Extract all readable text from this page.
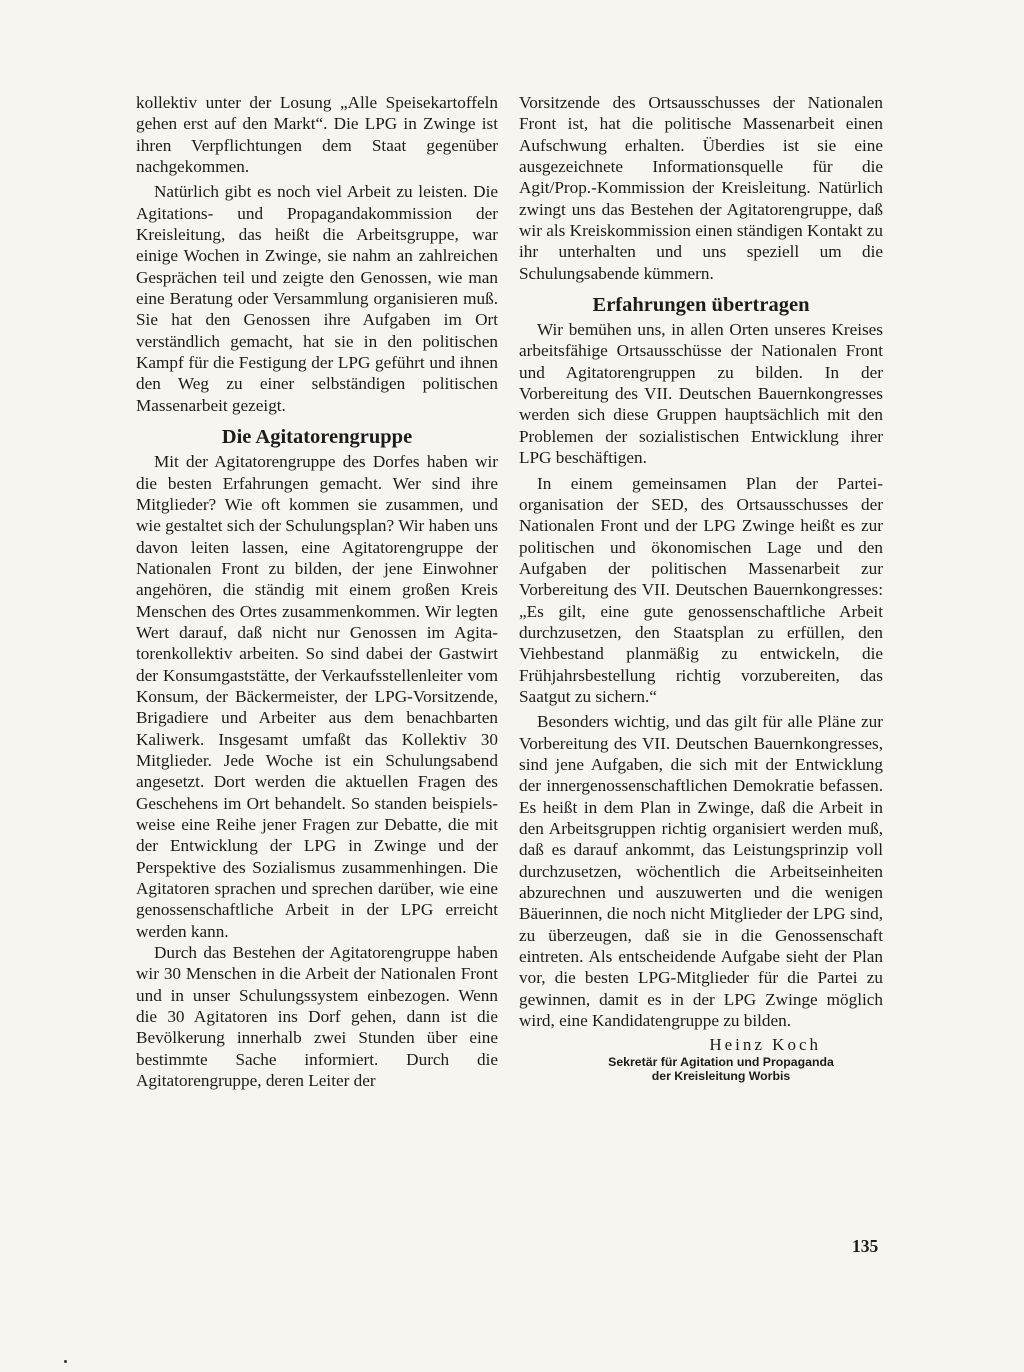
kollektiv unter der Losung „Alle Speisekartoffeln gehen erst auf den Markt“. Die LPG in Zwinge ist ihren Verpflichtungen dem Staat gegenüber nachgekommen.

Natürlich gibt es noch viel Arbeit zu leisten. Die Agitations- und Propagandakommission der Kreisleitung, das heißt die Arbeitsgruppe, war einige Wochen in Zwinge, sie nahm an zahlreichen Gesprächen teil und zeigte den Genossen, wie man eine Beratung oder Versammlung organisieren muß. Sie hat den Genossen ihre Aufgaben im Ort verständlich gemacht, hat sie in den politischen Kampf für die Festigung der LPG geführt und ihnen den Weg zu einer selbständigen politischen Massenarbeit gezeigt.

Die Agitatorengruppe

Mit der Agitatorengruppe des Dorfes haben wir die besten Erfahrungen gemacht. Wer sind ihre Mitglieder? Wie oft kommen sie zusammen, und wie gestaltet sich der Schulungsplan? Wir haben uns davon leiten lassen, eine Agitatorengruppe der Nationalen Front zu bilden, der jene Einwohner angehören, die ständig mit einem großen Kreis Menschen des Ortes zusammenkommen. Wir legten Wert darauf, daß nicht nur Genossen im Agitatorenkollektiv arbeiten. So sind dabei der Gastwirt der Konsumgaststätte, der Verkaufsstellenleiter vom Konsum, der Bäckermeister, der LPG-Vorsitzende, Brigadiere und Arbeiter aus dem benachbarten Kaliwerk. Insgesamt umfaßt das Kollektiv 30 Mitglieder. Jede Woche ist ein Schulungsabend angesetzt. Dort werden die aktuellen Fragen des Geschehens im Ort behandelt. So standen beispielsweise eine Reihe jener Fragen zur Debatte, die mit der Entwicklung der LPG in Zwinge und der Perspektive des Sozialismus zusammenhingen. Die Agitatoren sprachen und sprechen darüber, wie eine genossenschaftliche Arbeit in der LPG erreicht werden kann.

Durch das Bestehen der Agitatorengruppe haben wir 30 Menschen in die Arbeit der Nationalen Front und in unser Schulungssystem einbezogen. Wenn die 30 Agitatoren ins Dorf gehen, dann ist die Bevölkerung innerhalb zwei Stunden über eine bestimmte Sache informiert. Durch die Agitatorengruppe, deren Leiter der

Vorsitzende des Ortsausschusses der Nationalen Front ist, hat die politische Massenarbeit einen Aufschwung erhalten. Überdies ist sie eine ausgezeichnete Informationsquelle für die Agit/Prop.-Kommission der Kreisleitung. Natürlich zwingt uns das Bestehen der Agitatorengruppe, daß wir als Kreiskommission einen ständigen Kontakt zu ihr unterhalten und uns speziell um die Schulungsabende kümmern.

Erfahrungen übertragen

Wir bemühen uns, in allen Orten unseres Kreises arbeitsfähige Ortsausschüsse der Nationalen Front und Agitatorengruppen zu bilden. In der Vorbereitung des VII. Deutschen Bauernkongresses werden sich diese Gruppen hauptsächlich mit den Problemen der sozialistischen Entwicklung ihrer LPG beschäftigen.

In einem gemeinsamen Plan der Parteiorganisation der SED, des Ortsausschusses der Nationalen Front und der LPG Zwinge heißt es zur politischen und ökonomischen Lage und den Aufgaben der politischen Massenarbeit zur Vorbereitung des VII. Deutschen Bauernkongresses: „Es gilt, eine gute genossenschaftliche Arbeit durchzusetzen, den Staatsplan zu erfüllen, den Viehbestand planmäßig zu entwickeln, die Frühjahrsbestellung richtig vorzubereiten, das Saatgut zu sichern.“

Besonders wichtig, und das gilt für alle Pläne zur Vorbereitung des VII. Deutschen Bauernkongresses, sind jene Aufgaben, die sich mit der Entwicklung der innergenossenschaftlichen Demokratie befassen. Es heißt in dem Plan in Zwinge, daß die Arbeit in den Arbeitsgruppen richtig organisiert werden muß, daß es darauf ankommt, das Leistungsprinzip voll durchzusetzen, wöchentlich die Arbeitseinheiten abzurechnen und auszuwerten und die wenigen Bäuerinnen, die noch nicht Mitglieder der LPG sind, zu überzeugen, daß sie in die Genossenschaft eintreten. Als entscheidende Aufgabe sieht der Plan vor, die besten LPG-Mitglieder für die Partei zu gewinnen, damit es in der LPG Zwinge möglich wird, eine Kandidatengruppe zu bilden.

Heinz Koch
Sekretär für Agitation und Propaganda
der Kreisleitung Worbis
135
